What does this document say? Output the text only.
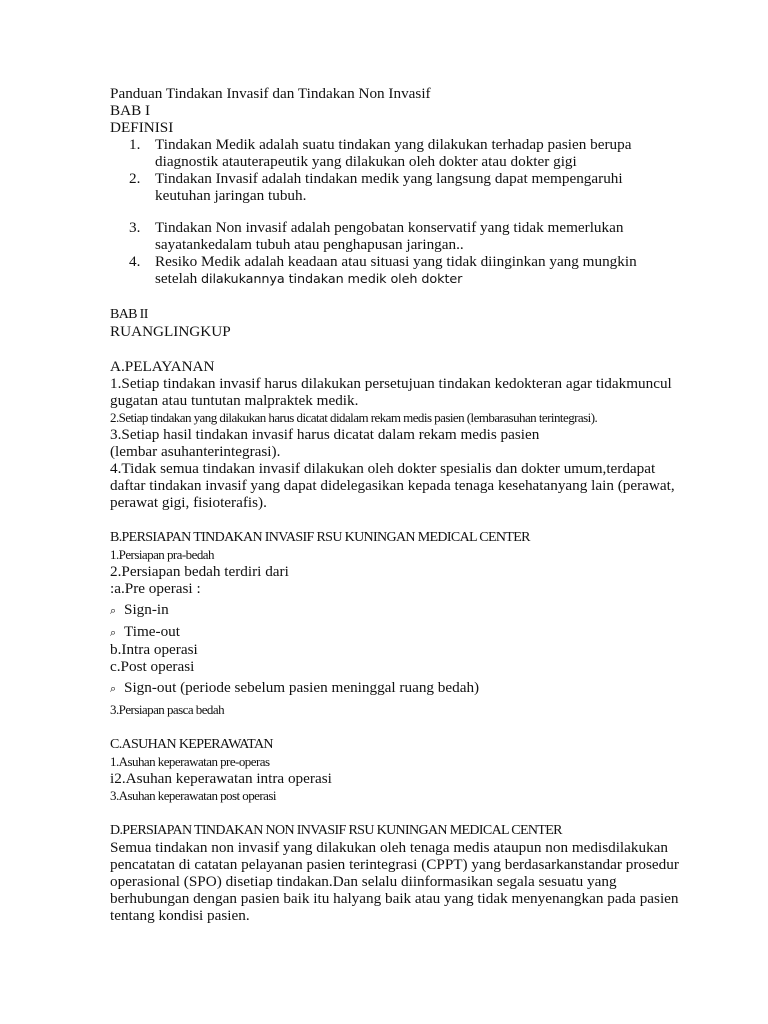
Panduan Tindakan Invasif dan Tindakan Non Invasif
BAB I
DEFINISI
1. Tindakan Medik adalah suatu tindakan yang dilakukan terhadap pasien berupa
diagnostik atauterapeutik yang dilakukan oleh dokter atau dokter gigi
2. Tindakan Invasif adalah tindakan medik yang langsung dapat mempengaruhi
keutuhan jaringan tubuh.
3. Tindakan Non invasif adalah pengobatan konservatif yang tidak memerlukan
sayatankedalam tubuh atau penghapusan jaringan..
4. Resiko Medik adalah keadaan atau situasi yang tidak diinginkan yang mungkin
setelah dilakukannya tindakan medik oleh dokter
BAB II
RUANGLINGKUP
A.PELAYANAN
1.Setiap tindakan invasif harus dilakukan persetujuan tindakan kedokteran agar tidakmuncul
gugatan atau tuntutan malpraktek medik.
2.Setiap tindakan yang dilakukan harus dicatat didalam rekam medis pasien (lembarasuhan terintegrasi).
3.Setiap hasil tindakan invasif harus dicatat dalam rekam medis pasien
(lembar asuhanterintegrasi).
4.Tidak semua tindakan invasif dilakukan oleh dokter spesialis dan dokter umum,terdapat
daftar tindakan invasif yang dapat didelegasikan kepada tenaga kesehatanyang lain (perawat,
perawat gigi, fisioterafis).
B.PERSIAPAN TINDAKAN INVASIF RSU KUNINGAN MEDICAL CENTER
1.Persiapan pra-bedah
2.Persiapan bedah terdiri dari
:a.Pre operasi :
⌕ Sign-in
⌕ Time-out
b.Intra operasi
c.Post operasi
⌕ Sign-out (periode sebelum pasien meninggal ruang bedah)
3.Persiapan pasca bedah
C.ASUHAN KEPERAWATAN
1.Asuhan keperawatan pre-operas
i2.Asuhan keperawatan intra operasi
3.Asuhan keperawatan post operasi
D.PERSIAPAN TINDAKAN NON INVASIF RSU KUNINGAN MEDICAL CENTER
Semua tindakan non invasif yang dilakukan oleh tenaga medis ataupun non medisdilakukan
pencatatan di catatan pelayanan pasien terintegrasi (CPPT) yang berdasarkanstandar prosedur
operasional (SPO) disetiap tindakan.Dan selalu diinformasikan segala sesuatu yang
berhubungan dengan pasien baik itu halyang baik atau yang tidak menyenangkan pada pasien
tentang kondisi pasien.
